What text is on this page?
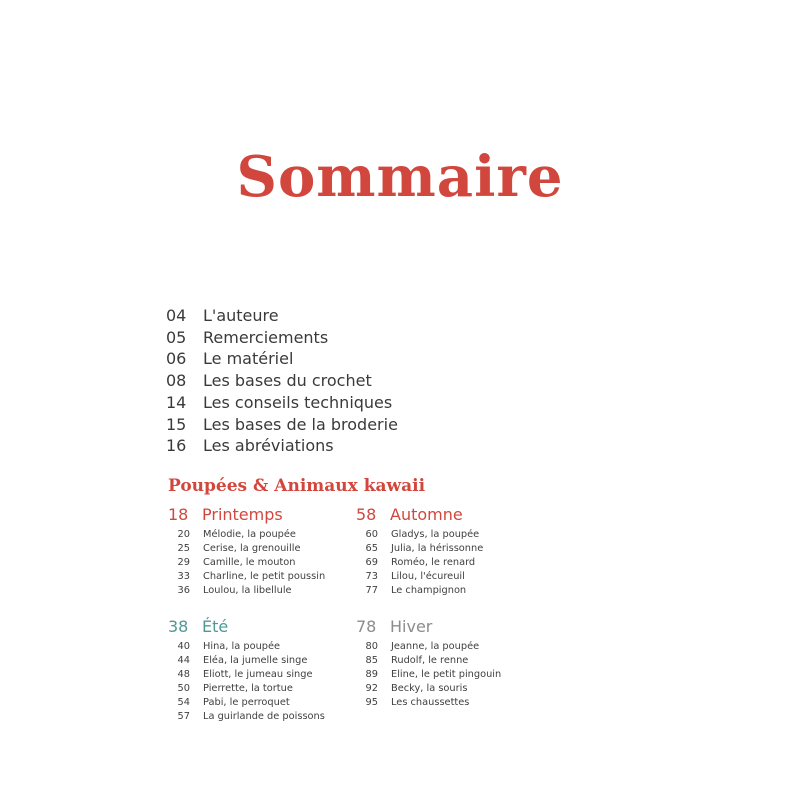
Sommaire
04	L'auteure
05	Remerciements
06	Le matériel
08	Les bases du crochet
14	Les conseils techniques
15	Les bases de la broderie
16	Les abréviations
Poupées & Animaux kawaii
18 Printemps
20 Mélodie, la poupée
25 Cerise, la grenouille
29 Camille, le mouton
33 Charline, le petit poussin
36 Loulou, la libellule
58 Automne
60 Gladys, la poupée
65 Julia, la hérissonne
69 Roméo, le renard
73 Lilou, l'écureuil
77 Le champignon
38 Été
40 Hina, la poupée
44 Eléa, la jumelle singe
48 Eliott, le jumeau singe
50 Pierrette, la tortue
54 Pabi, le perroquet
57 La guirlande de poissons
78 Hiver
80 Jeanne, la poupée
85 Rudolf, le renne
89 Eline, le petit pingouin
92 Becky, la souris
95 Les chaussettes
